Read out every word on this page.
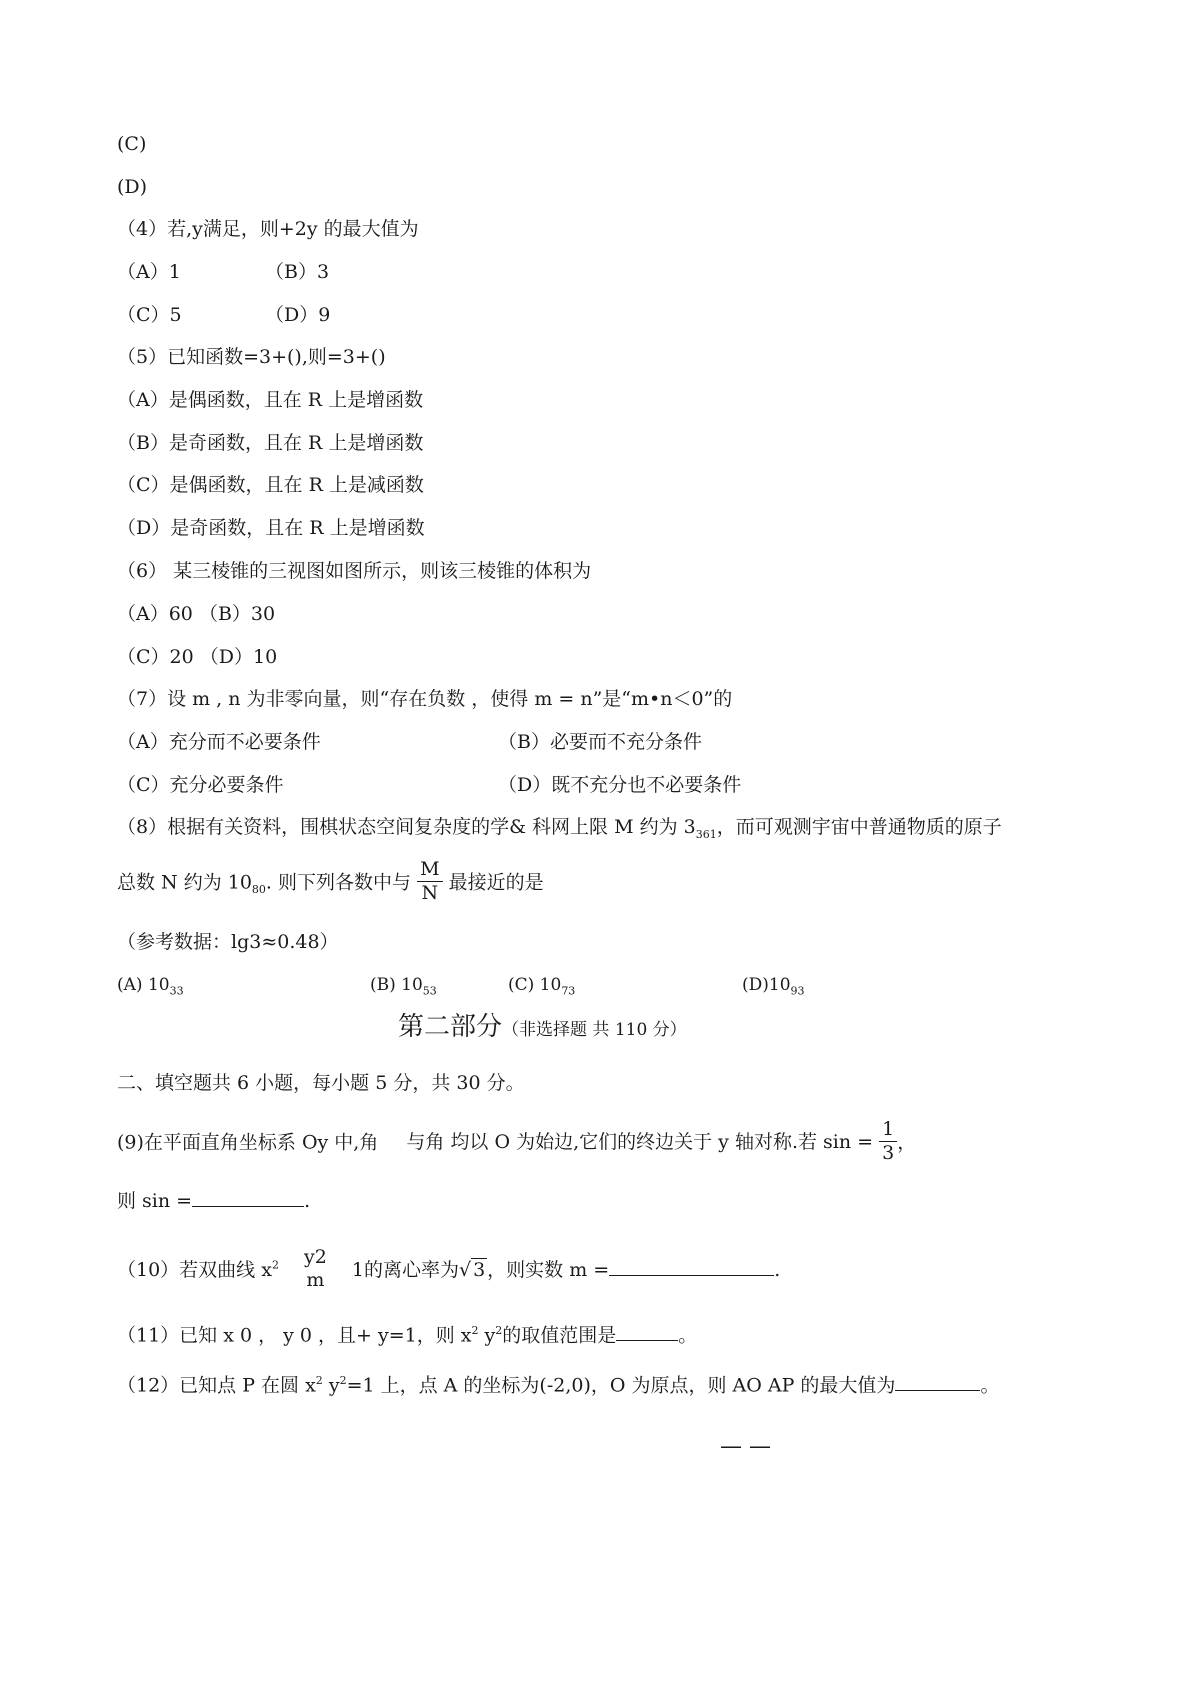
(C)
(D)
（4）若,y满足，则+2y 的最大值为
（A）1	（B）3
（C）5	（D）9
（5）已知函数=3+(),则=3+()
（A）是偶函数，且在 R 上是增函数
（B）是奇函数，且在 R 上是增函数
（C）是偶函数，且在 R 上是减函数
（D）是奇函数，且在 R 上是增函数
（6） 某三棱锥的三视图如图所示，则该三棱锥的体积为
（A）60 （B）30
（C）20 （D）10
（7）设 m , n 为非零向量，则“存在负数 ，使得 m = n”是“m•n＜0”的
（A）充分而不必要条件	（B）必要而不充分条件
（C）充分必要条件	（D）既不充分也不必要条件
（8）根据有关资料，围棋状态空间复杂度的学& 科网上限 M 约为 $3_{361}$，而可观测宇宙中普通物质的原子
总数 N 约为 $10_{80}$. 则下列各数中与 $\frac{M}{N}$ 最接近的是
（参考数据：lg3≈0.48）
(A) $10_{33}$	(B) $10_{53}$	(C) $10_{73}$	$(D)10_{93}$
第二部分（非选择题 共 110 分）
二、填空题共 6 小题，每小题 5 分，共 30 分。
(9)在平面直角坐标系 Oy 中,角 与角 均以 O 为始边,它们的终边关于 y 轴对称.若 $\sin = \frac{1}{3}$ ，
则 sin =	.
（10）若双曲线 $x^2$ y2
m 1的离心率为√ 3 ，则实数 m =	.
（11）已知 x 0 ， y 0 ，且+ y=1，则 $x^2$ $y^2$的取值范围是	。
（12）已知点 P 在圆 $x^2$ $y^2=1$ 上，点 A 的坐标为(-2,0)，O 为原点，则 AO AP 的最大值为	。
— —
